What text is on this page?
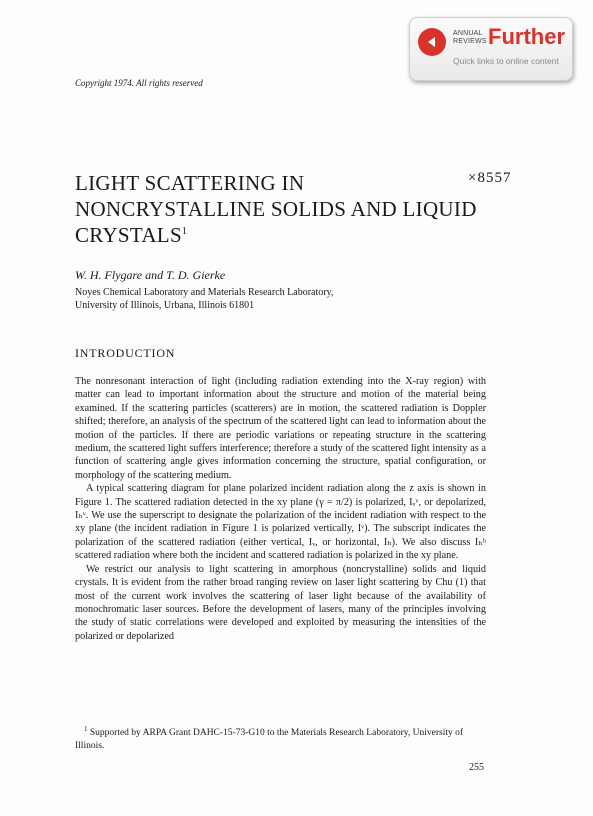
ANNUAL
REVIEWS Further
Quick links to online content
Copyright 1974. All rights reserved
LIGHT SCATTERING IN
NONCRYSTALLINE SOLIDS AND LIQUID
$CRYSTALS^1$
×8557
W. H. Flygare and T. D. Gierke
Noyes Chemical Laboratory and Materials Research Laboratory,
University of Illinois, Urbana, Illinois 61801
INTRODUCTION

The nonresonant interaction of light (including radiation extending into the X-ray region) with matter can lead to important information about the structure and motion of the material being examined. If the scattering particles (scatterers) are in motion, the scattered radiation is Doppler shifted; therefore, an analysis of the spectrum of the scattered light can lead to information about the motion of the particles. If there are periodic variations or repeating structure in the scattering medium, the scattered light suffers interference; therefore a study of the scattered light intensity as a function of scattering angle gives information concerning the structure, spatial configuration, or morphology of the scattering medium.

A typical scattering diagram for plane polarized incident radiation along the z axis is shown in Figure 1. The scattered radiation detected in the xy plane (γ = π/2) is polarized, Iᵥᵛ, or depolarized, Iₕᵛ. We use the superscript to designate the polarization of the incident radiation with respect to the xy plane (the incident radiation in Figure 1 is polarized vertically, Iᵛ). The subscript indicates the polarization of the scattered radiation (either vertical, Iᵥ, or horizontal, Iₕ). We also discuss Iₕʰ scattered radiation where both the incident and scattered radiation is polarized in the xy plane.

We restrict our analysis to light scattering in amorphous (noncrystalline) solids and liquid crystals. It is evident from the rather broad ranging review on laser light scattering by Chu (1) that most of the current work involves the scattering of laser light because of the availability of monochromatic laser sources. Before the development of lasers, many of the principles involving the study of static correlations were developed and exploited by measuring the intensities of the polarized or depolarized

$^1$ Supported by ARPA Grant DAHC-15-73-G10 to the Materials Research Laboratory, University of Illinois.
255
